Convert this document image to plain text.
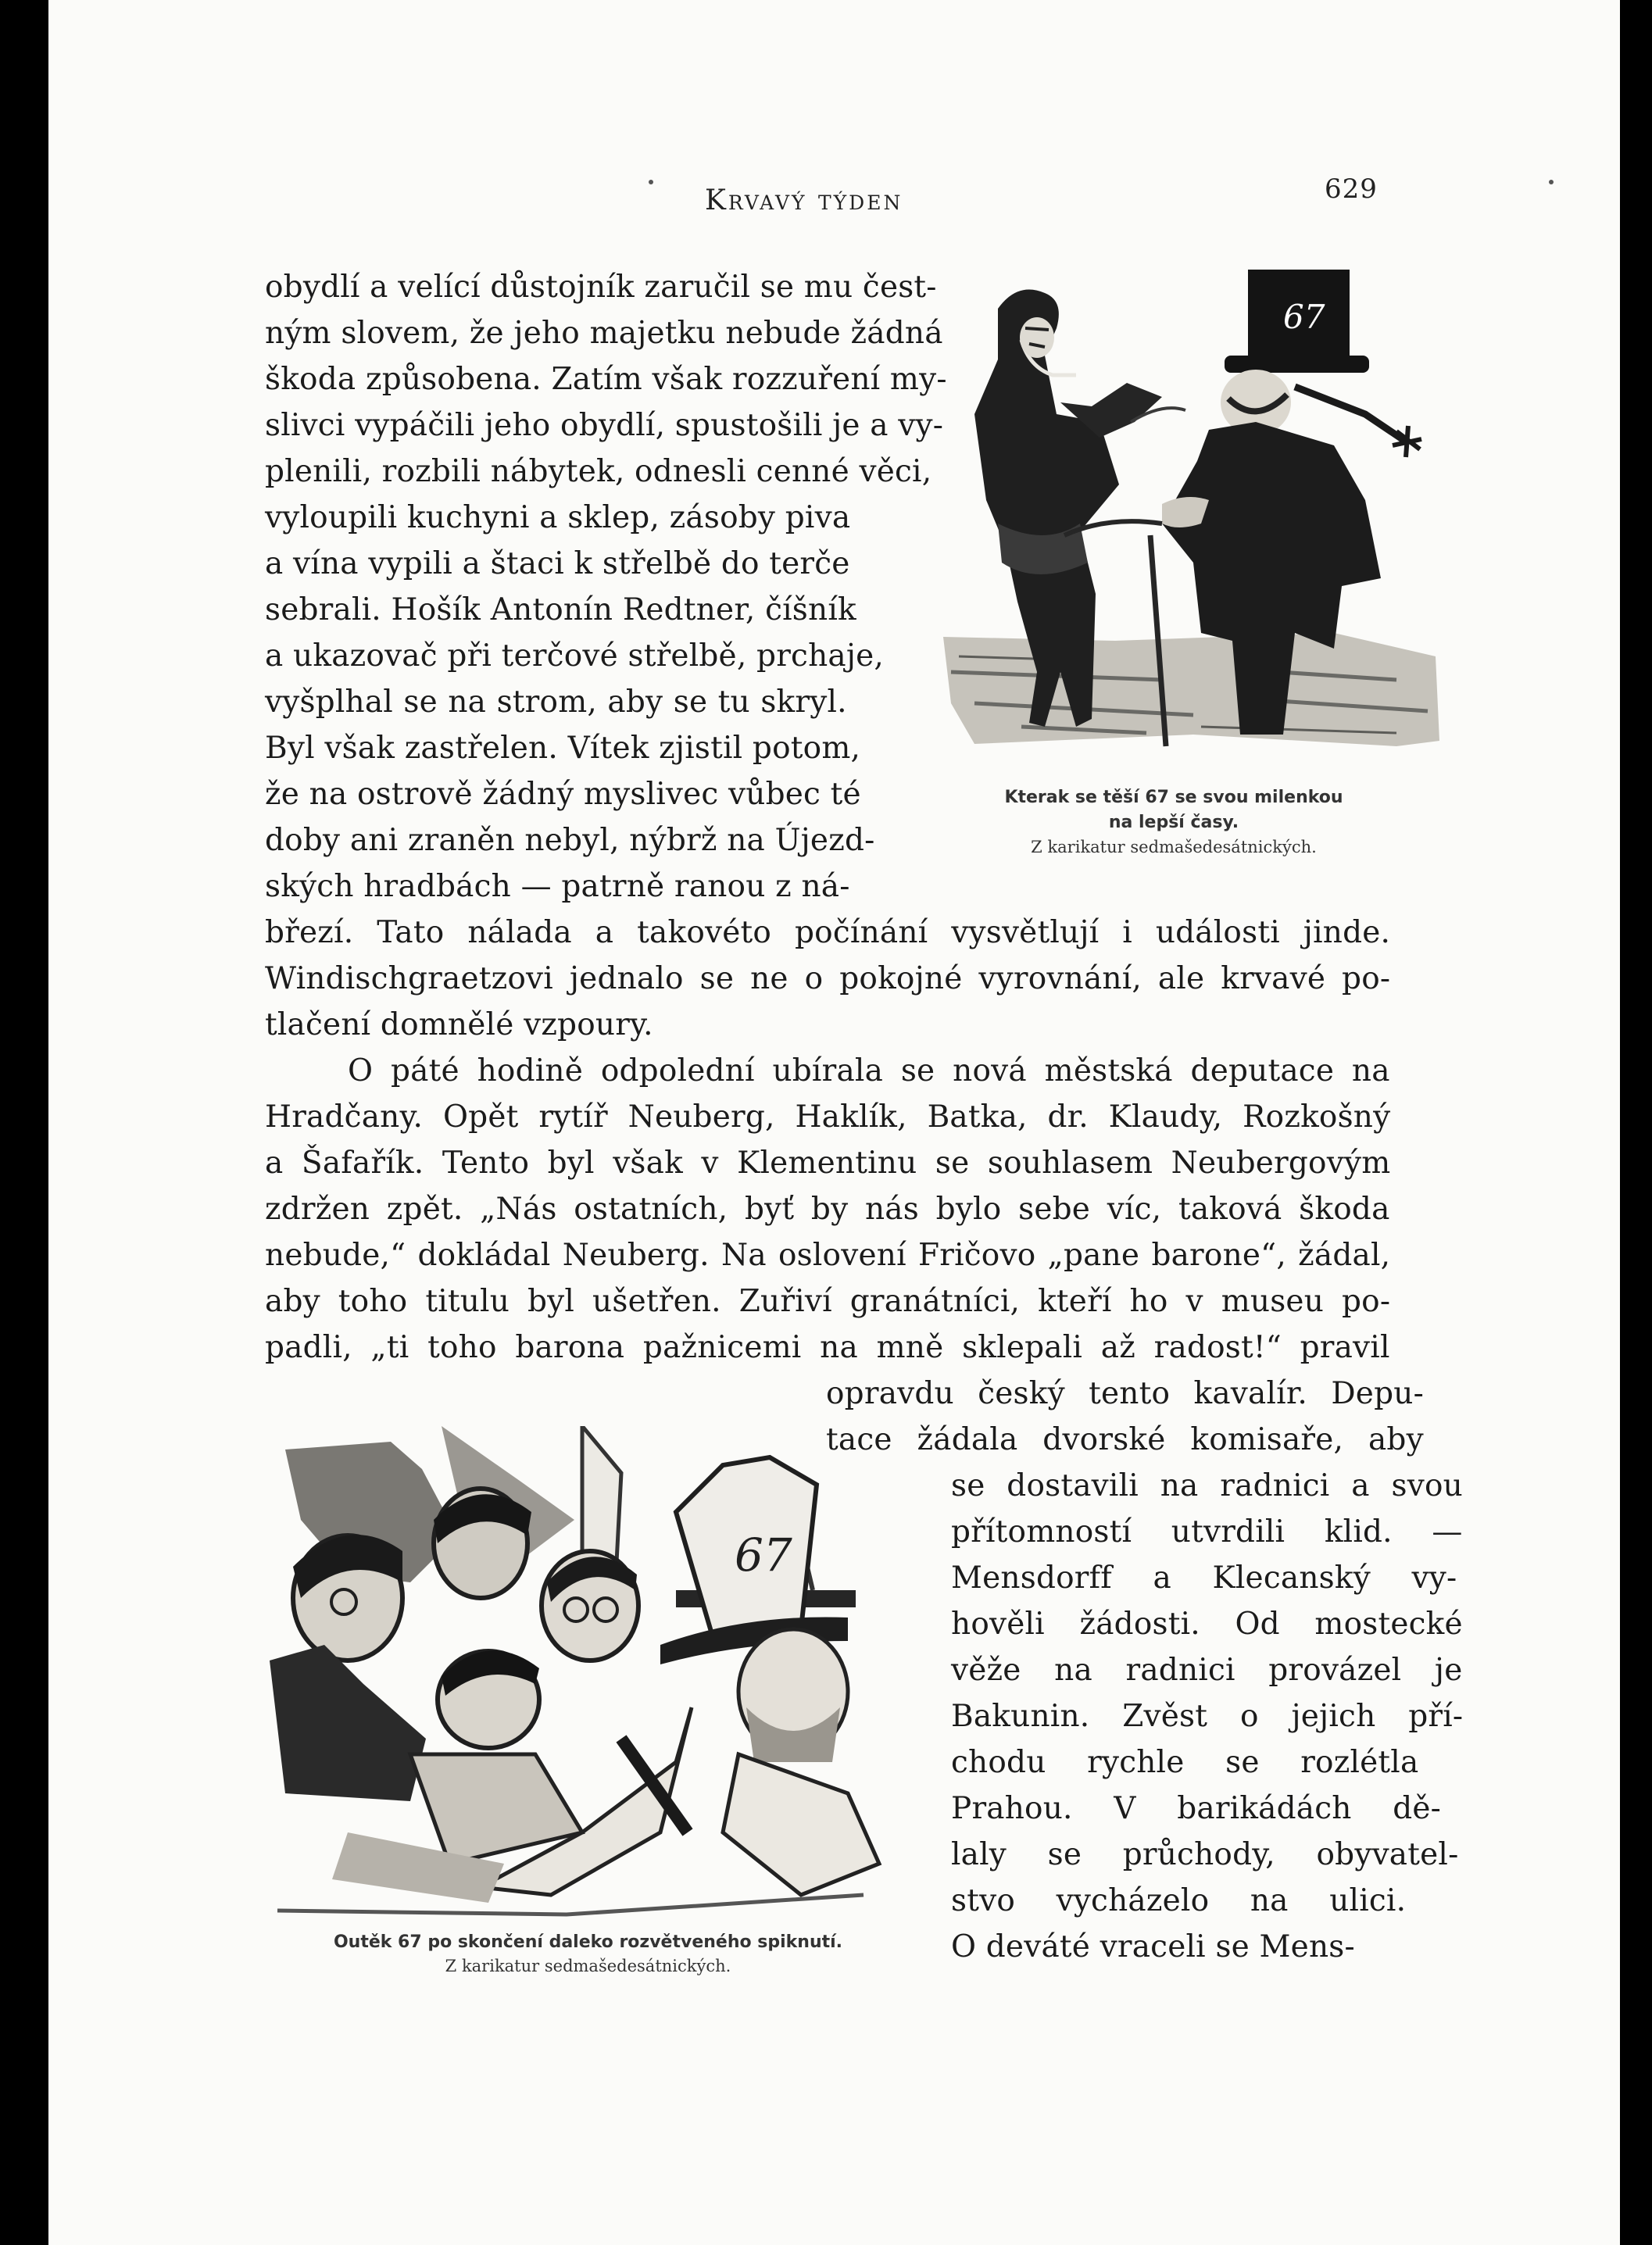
Krvavý týden	629
67
Kterak se těší 67 se svou milenkou
na lepší časy.
Z karikatur sedmašedesátnických.
67
Outěk 67 po skončení daleko rozvětveného spiknutí.
Z karikatur sedmašedesátnických.
obydlí a velící důstojník zaručil se mu čest-
ným slovem, že jeho majetku nebude žádná
škoda způsobena. Zatím však rozzuření my-
slivci vypáčili jeho obydlí, spustošili je a vy-
plenili, rozbili nábytek, odnesli cenné věci,
vyloupili kuchyni a sklep, zásoby piva
a vína vypili a štaci k střelbě do terče
sebrali. Hošík Antonín Redtner, číšník
a ukazovač při terčové střelbě, prchaje,
vyšplhal se na strom, aby se tu skryl.
Byl však zastřelen. Vítek zjistil potom,
že na ostrově žádný myslivec vůbec té
doby ani zraněn nebyl, nýbrž na Újezd-
ských hradbách — patrně ranou z ná-
březí. Tato nálada a takovéto počínání vysvětlují i události jinde.
Windischgraetzovi jednalo se ne o pokojné vyrovnání, ale krvavé po-
tlačení domnělé vzpoury.
O páté hodině odpolední ubírala se nová městská deputace na
Hradčany. Opět rytíř Neuberg, Haklík, Batka, dr. Klaudy, Rozkošný
a Šafařík. Tento byl však v Klementinu se souhlasem Neubergovým
zdržen zpět. „Nás ostatních, byť by nás bylo sebe víc, taková škoda
nebude,“ dokládal Neuberg. Na oslovení Fričovo „pane barone“, žádal,
aby toho titulu byl ušetřen. Zuřiví granátníci, kteří ho v museu po-
padli, „ti toho barona pažnicemi na mně sklepali až radost!“ pravil
opravdu český tento kavalír. Depu-
tace žádala dvorské komisaře, aby
se dostavili na radnici a svou
přítomností utvrdili klid. —
Mensdorff a Klecanský vy-
hověli žádosti. Od mostecké
věže na radnici provázel je
Bakunin. Zvěst o jejich pří-
chodu rychle se rozlétla
Prahou. V barikádách dě-
laly se průchody, obyvatel-
stvo vycházelo na ulici.
O deváté vraceli se Mens-
